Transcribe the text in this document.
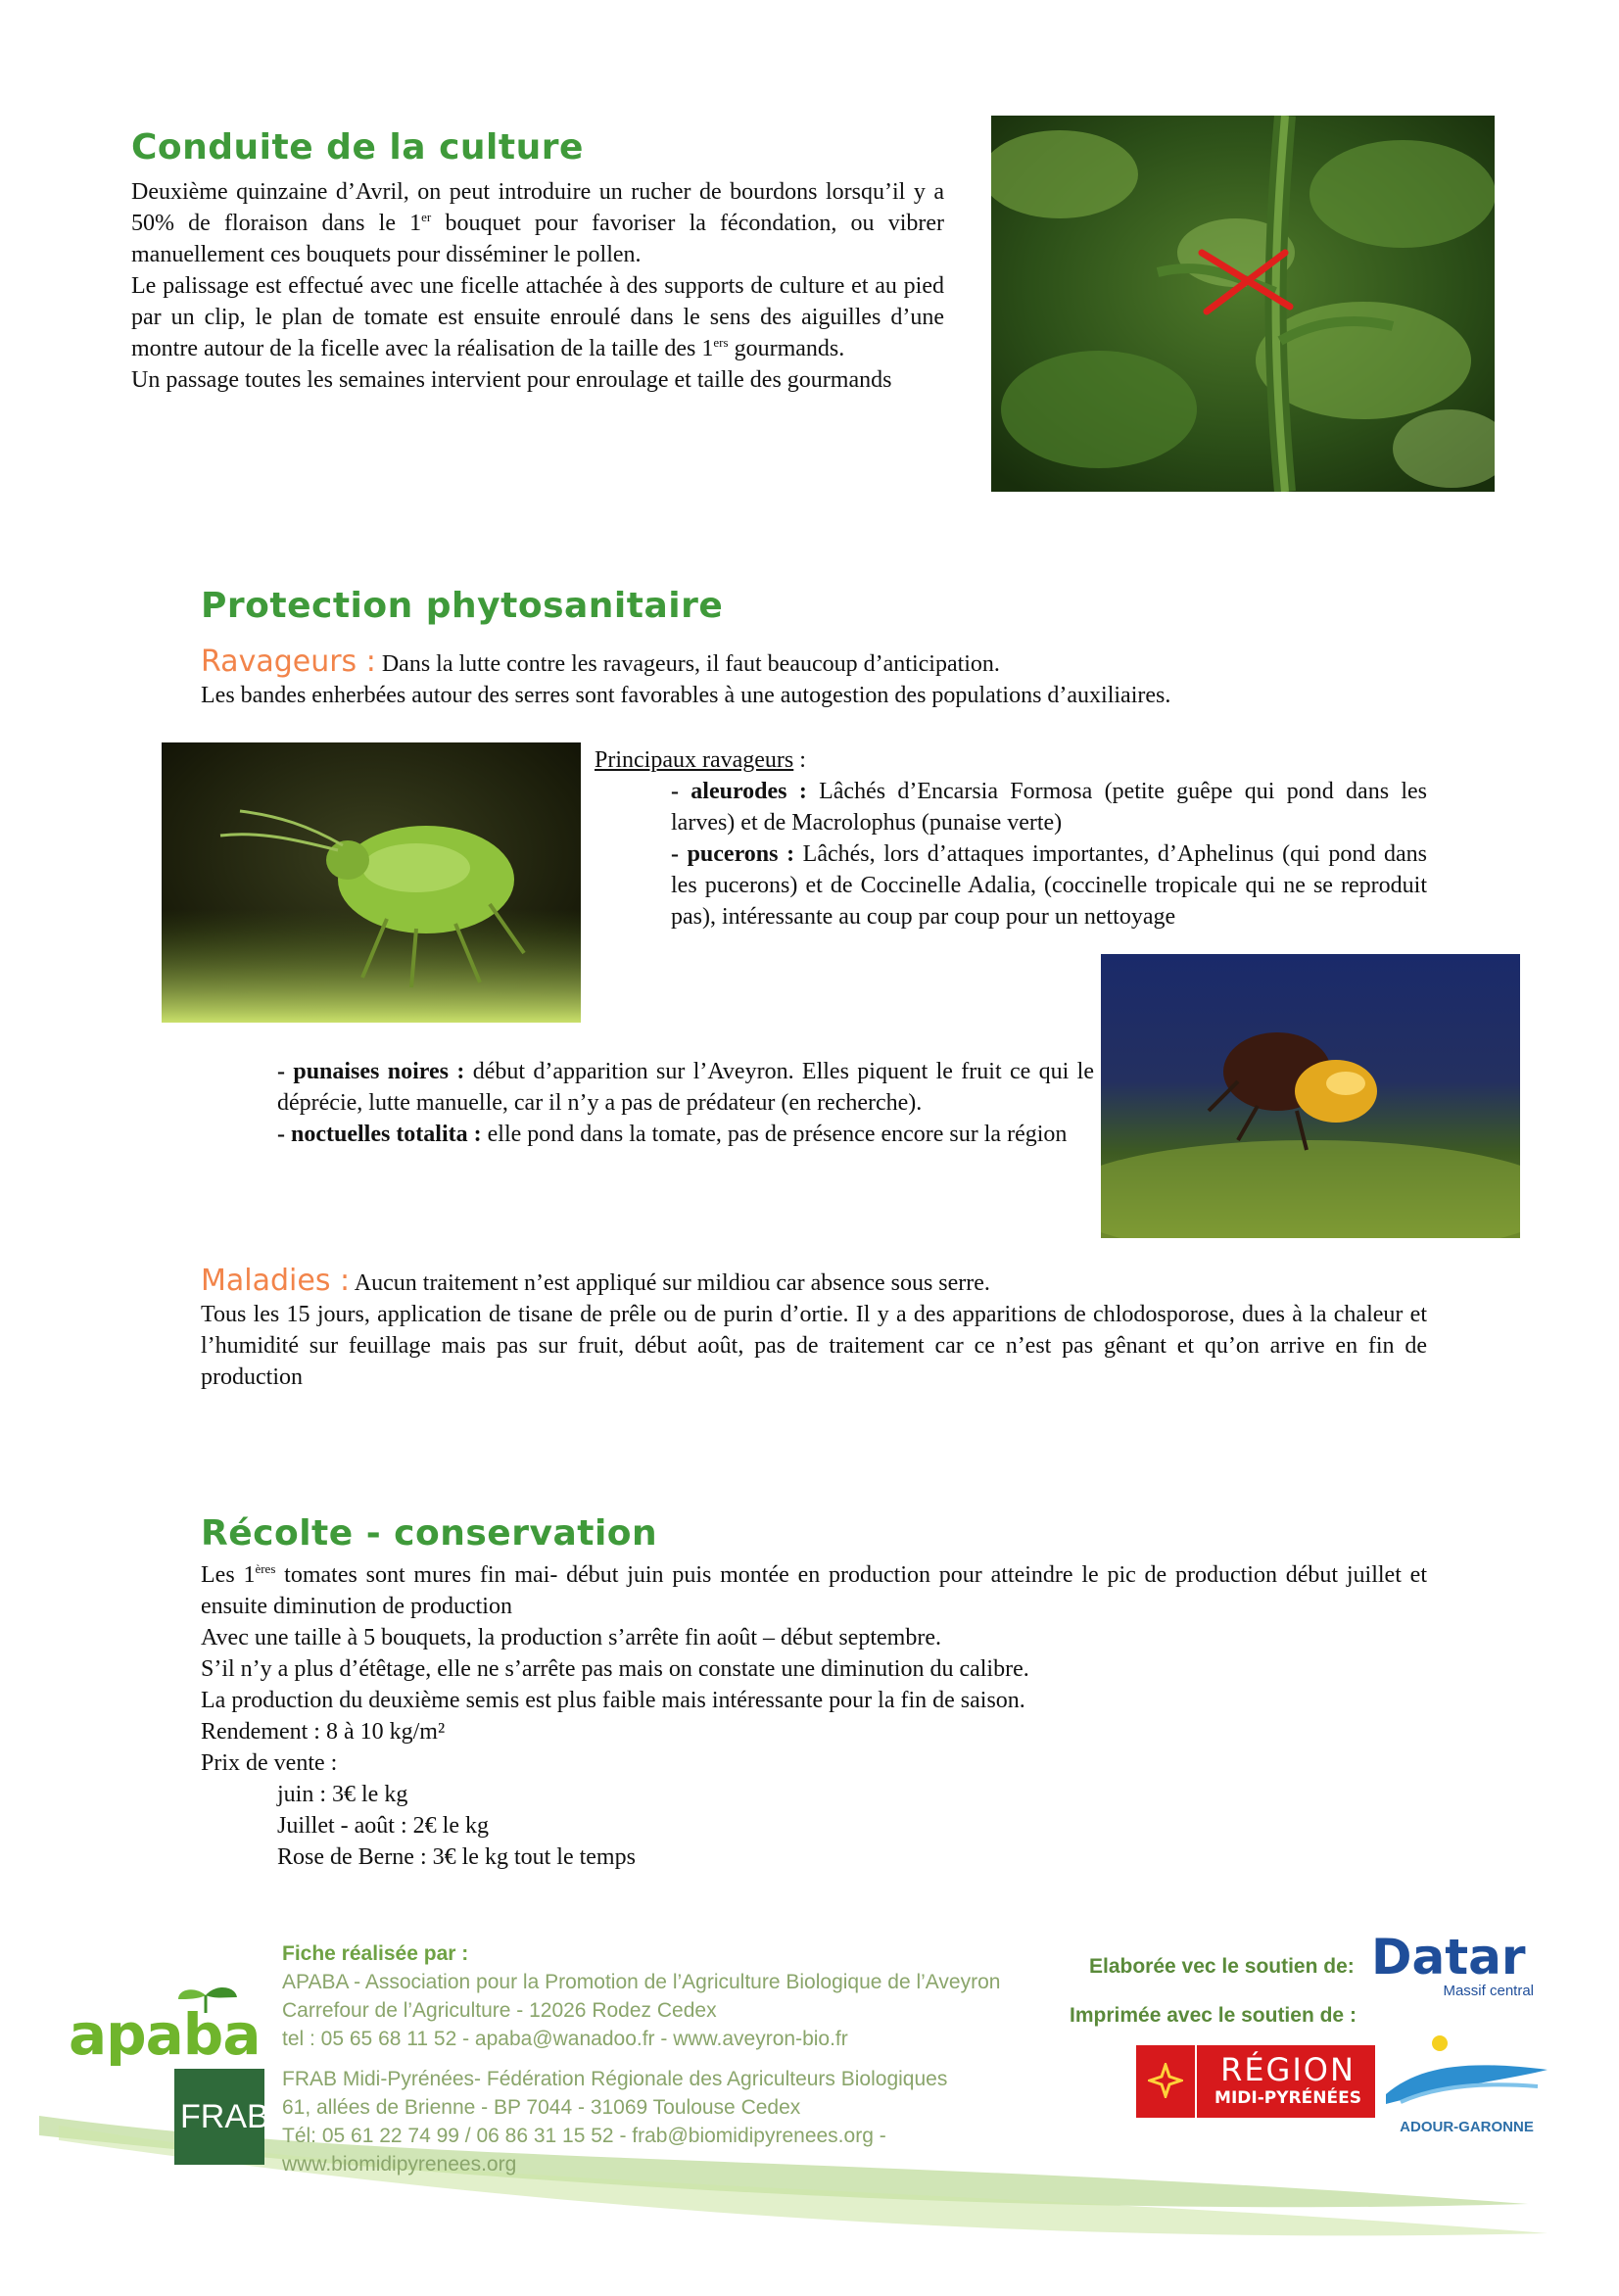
Conduite de la culture

Deuxième quinzaine d’Avril, on peut introduire un rucher de bourdons lorsqu’il y a 50% de floraison dans le 1er bouquet pour favoriser la fécondation, ou vibrer manuellement ces bouquets pour disséminer le pollen.

Le palissage est effectué avec une ficelle attachée à des supports de culture et au pied par un clip, le plan de tomate est ensuite enroulé dans le sens des aiguilles d’une montre autour de la ficelle avec la réalisation de la taille des 1ers gourmands.

Un passage toutes les semaines intervient pour enroulage et taille des gourmands

Protection phytosanitaire

Ravageurs : Dans la lutte contre les ravageurs, il faut beaucoup d’anticipation.

Les bandes enherbées autour des serres sont favorables à une autogestion des populations d’auxiliaires.

Principaux ravageurs :

- aleurodes : Lâchés d’Encarsia Formosa (petite guêpe qui pond dans les larves) et de Macrolophus (punaise verte)

- pucerons : Lâchés, lors d’attaques importantes, d’Aphelinus (qui pond dans les pucerons) et de Coccinelle Adalia, (coccinelle tropicale qui ne se reproduit pas), intéressante au coup par coup pour un nettoyage

- punaises noires : début d’apparition sur l’Aveyron. Elles piquent le fruit ce qui le déprécie, lutte manuelle, car il n’y a pas de prédateur (en recherche).

- noctuelles totalita : elle pond dans la tomate, pas de présence encore sur la région

Maladies : Aucun traitement n’est appliqué sur mildiou car absence sous serre.

Tous les 15 jours, application de tisane de prêle ou de purin d’ortie. Il y a des apparitions de chlodosporose, dues à la chaleur et l’humidité sur feuillage mais pas sur fruit, début août, pas de traitement car ce n’est pas gênant et qu’on arrive en fin de production

Récolte - conservation

Les 1ères tomates sont mures fin mai- début juin puis montée en production pour atteindre le pic de production début juillet et ensuite diminution de production

Avec une taille à 5 bouquets, la production s’arrête fin août – début septembre.

S’il n’y a plus d’étêtage, elle ne s’arrête pas mais on constate une diminution du calibre.

La production du deuxième semis est plus faible mais intéressante pour la fin de saison.

Rendement : 8 à 10 kg/m²

Prix de vente :

juin : 3€ le kg

Juillet - août : 2€ le kg

Rose de Berne : 3€ le kg tout le temps

apaba
FRAB
Fiche réalisée par :
APABA - Association pour la Promotion de l’Agriculture Biologique de l’Aveyron
Carrefour de l’Agriculture - 12026 Rodez Cedex
tel : 05 65 68 11 52 - apaba@wanadoo.fr - www.aveyron-bio.fr
FRAB Midi-Pyrénées- Fédération Régionale des Agriculteurs Biologiques
61, allées de Brienne - BP 7044 - 31069 Toulouse Cedex
Tél: 05 61 22 74 99 / 06 86 31 15 52 - frab@biomidipyrenees.org -
www.biomidipyrenees.org
Elaborée vec le soutien de:
Imprimée avec le soutien de :
Datar
Massif central
RÉGION
MIDI-PYRÉNÉES
ADOUR-GARONNE
